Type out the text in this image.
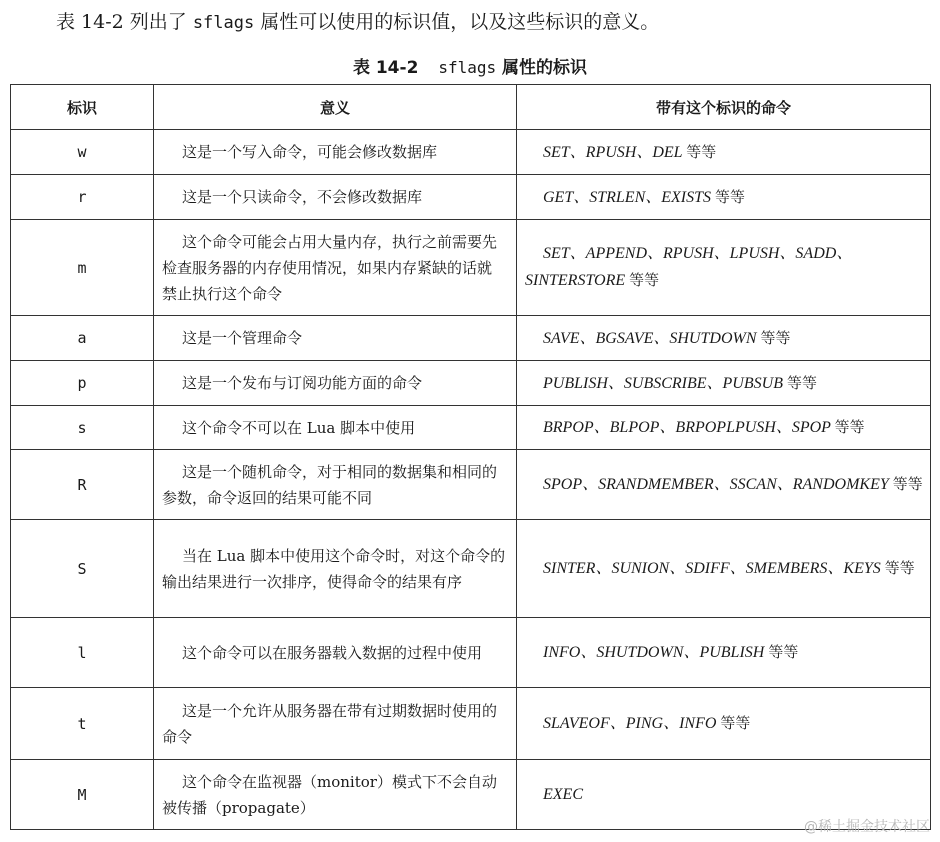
表 14-2 列出了 sflags 属性可以使用的标识值，以及这些标识的意义。
表 14-2 sflags 属性的标识
标识	意义	带有这个标识的命令
w	这是一个写入命令，可能会修改数据库	SET、RPUSH、DEL 等等

r	这是一个只读命令，不会修改数据库	GET、STRLEN、EXISTS 等等

m	这个命令可能会占用大量内存，执行之前需要先检查服务器的内存使用情况，如果内存紧缺的话就禁止执行这个命令	SET、APPEND、RPUSH、LPUSH、SADD、SINTERSTORE 等等

a	这是一个管理命令	SAVE、BGSAVE、SHUTDOWN 等等

p	这是一个发布与订阅功能方面的命令	PUBLISH、SUBSCRIBE、PUBSUB 等等

s	这个命令不可以在 Lua 脚本中使用	BRPOP、BLPOP、BRPOPLPUSH、SPOP 等等

R	这是一个随机命令，对于相同的数据集和相同的参数，命令返回的结果可能不同	SPOP、SRANDMEMBER、SSCAN、RANDOMKEY 等等

S	当在 Lua 脚本中使用这个命令时，对这个命令的输出结果进行一次排序，使得命令的结果有序	SINTER、SUNION、SDIFF、SMEMBERS、KEYS 等等

l	这个命令可以在服务器载入数据的过程中使用	INFO、SHUTDOWN、PUBLISH 等等

t	这是一个允许从服务器在带有过期数据时使用的命令	SLAVEOF、PING、INFO 等等

M	这个命令在监视器（monitor）模式下不会自动被传播（propagate）	EXEC
@稀土掘金技术社区
